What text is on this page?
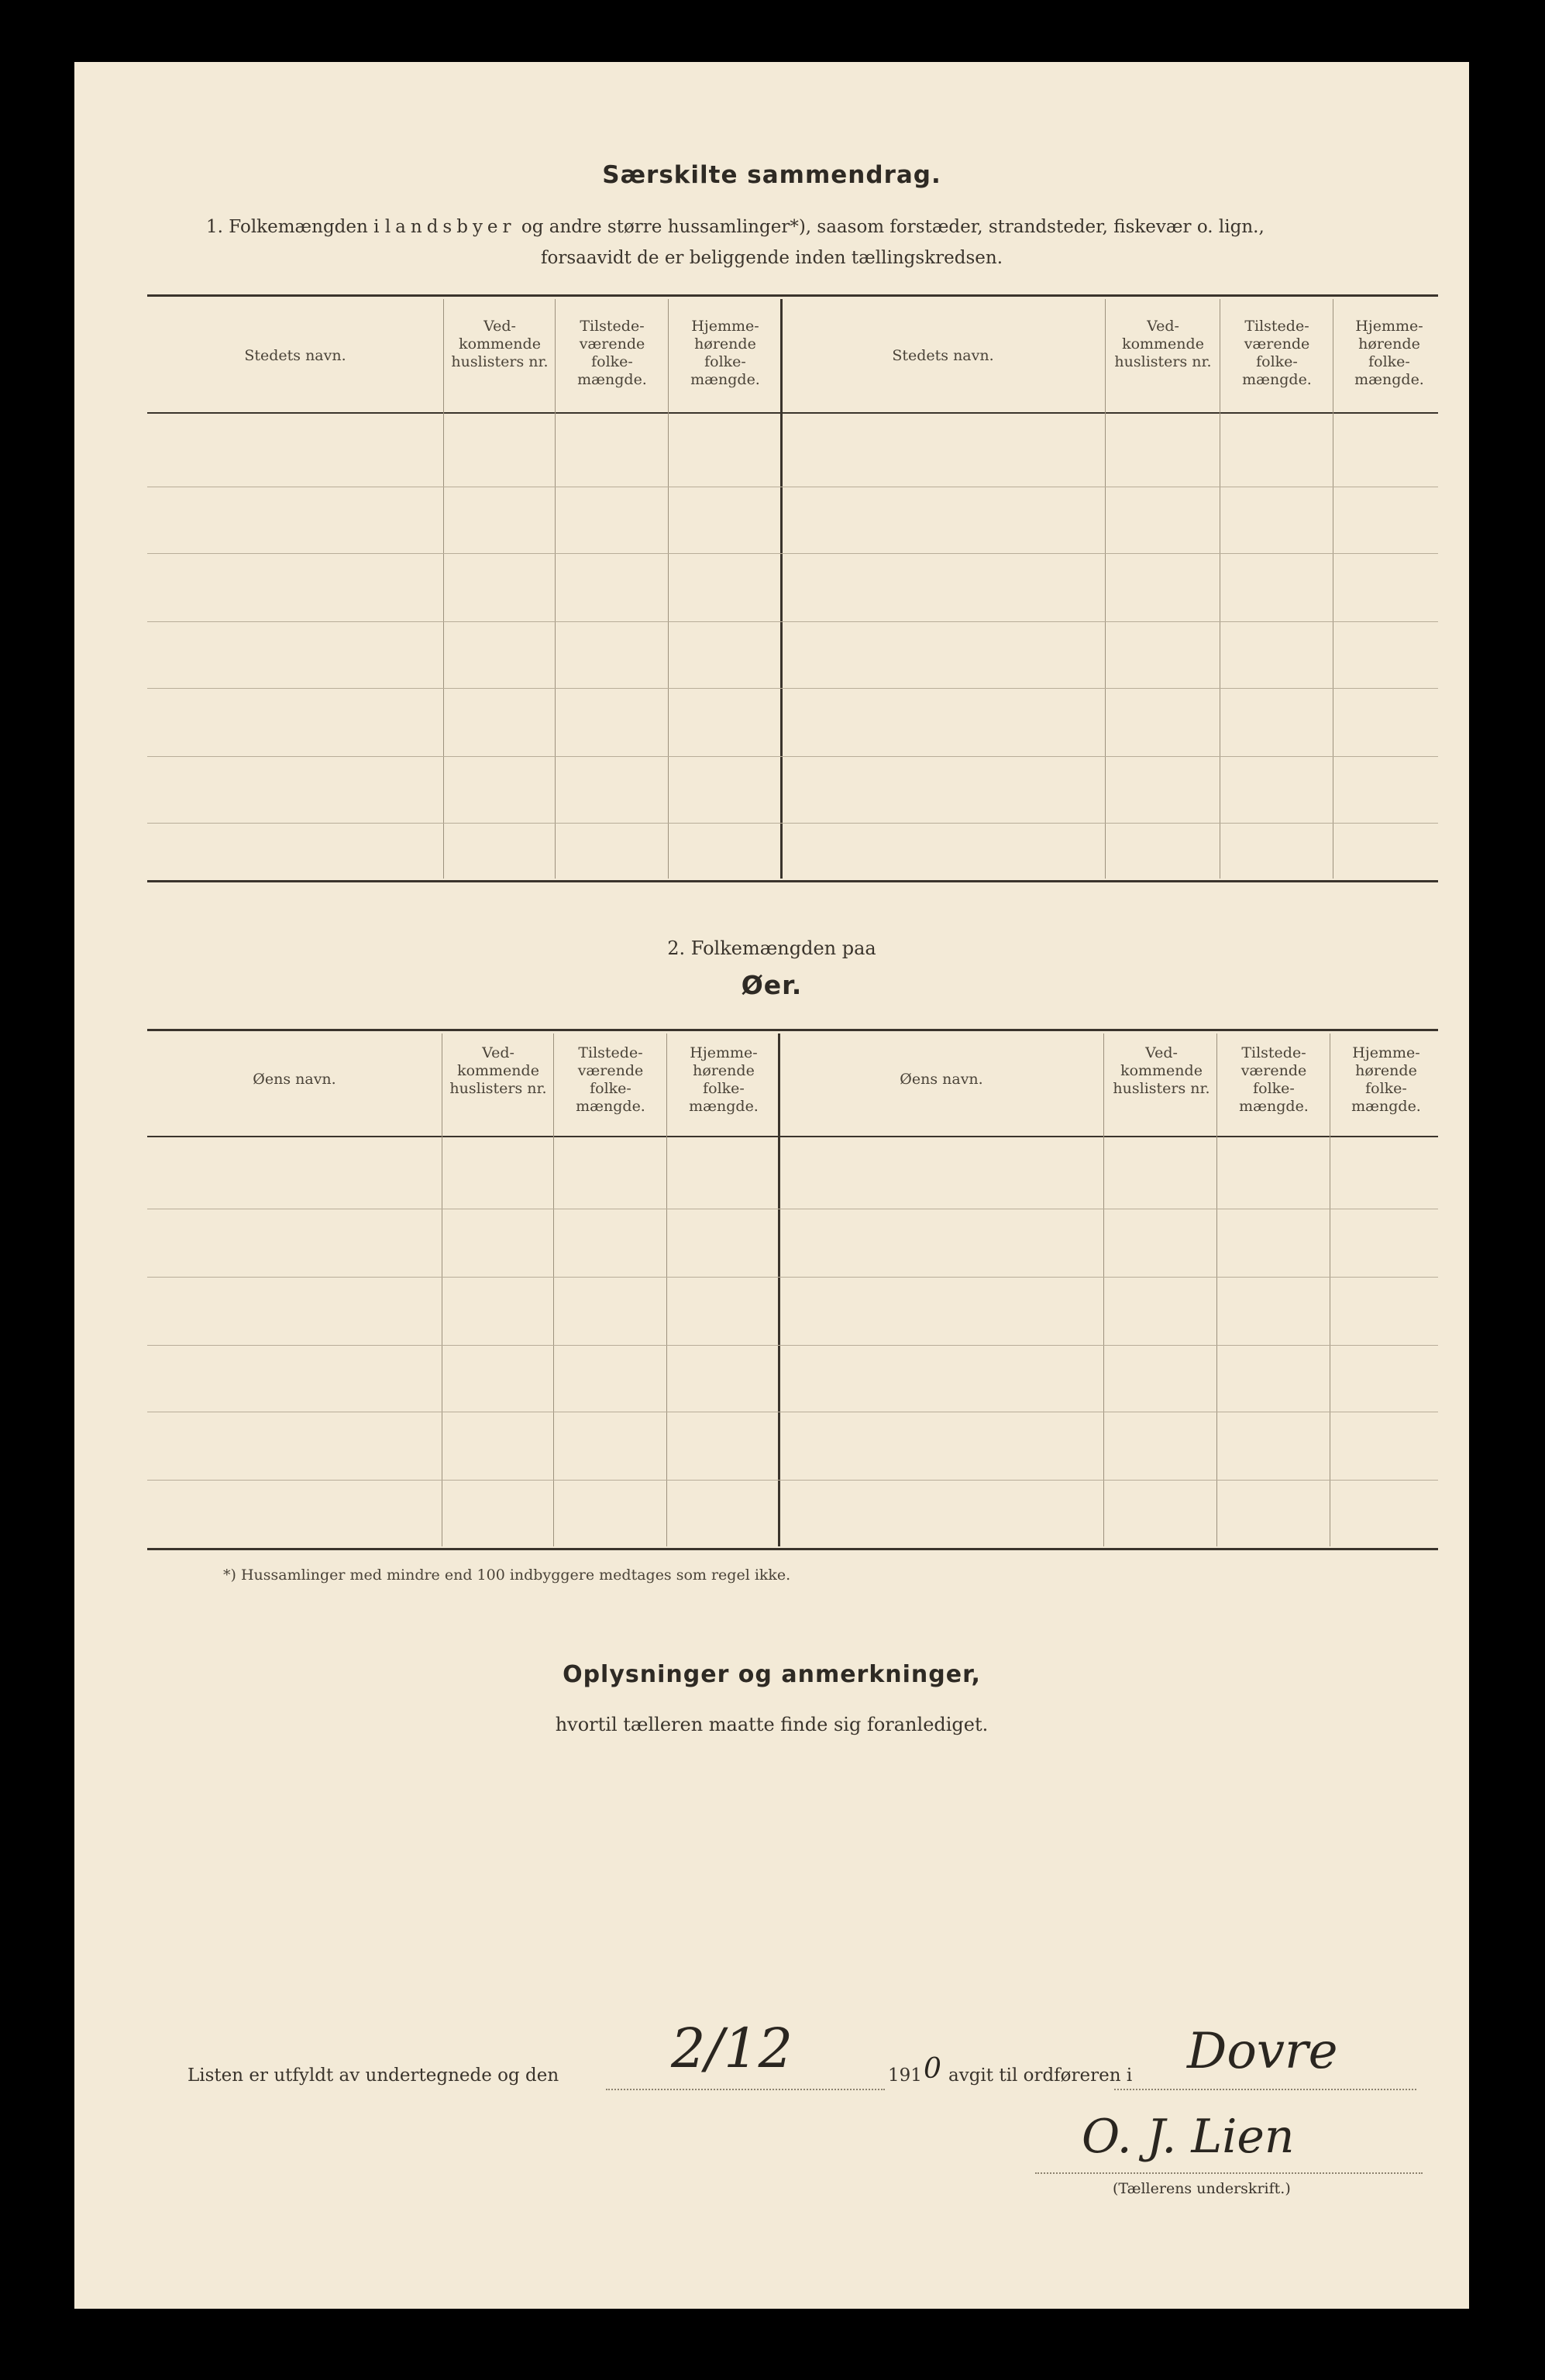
Særskilte sammendrag.
1. Folkemængden i landsbyer og andre større hussamlinger*), saasom forstæder, strandsteder, fiskevær o. lign.,
forsaavidt de er beliggende inden tællingskredsen.
Stedets navn.
Ved- kommende huslisters nr.
Tilstede- værende folke- mængde.
Hjemme- hørende folke- mængde.
Stedets navn.
Ved- kommende huslisters nr.
Tilstede- værende folke- mængde.
Hjemme- hørende folke- mængde.
2. Folkemængden paa
Øer.
Øens navn.
Ved- kommende huslisters nr.
Tilstede- værende folke- mængde.
Hjemme- hørende folke- mængde.
Øens navn.
Ved- kommende huslisters nr.
Tilstede- værende folke- mængde.
Hjemme- hørende folke- mængde.
*) Hussamlinger med mindre end 100 indbyggere medtages som regel ikke.
Oplysninger og anmerkninger,
hvortil tælleren maatte finde sig foranlediget.
Listen er utfyldt av undertegnede og den 2/12	191 0 avgit til ordføreren i Dovre
O. J. Lien
(Tællerens underskrift.)
